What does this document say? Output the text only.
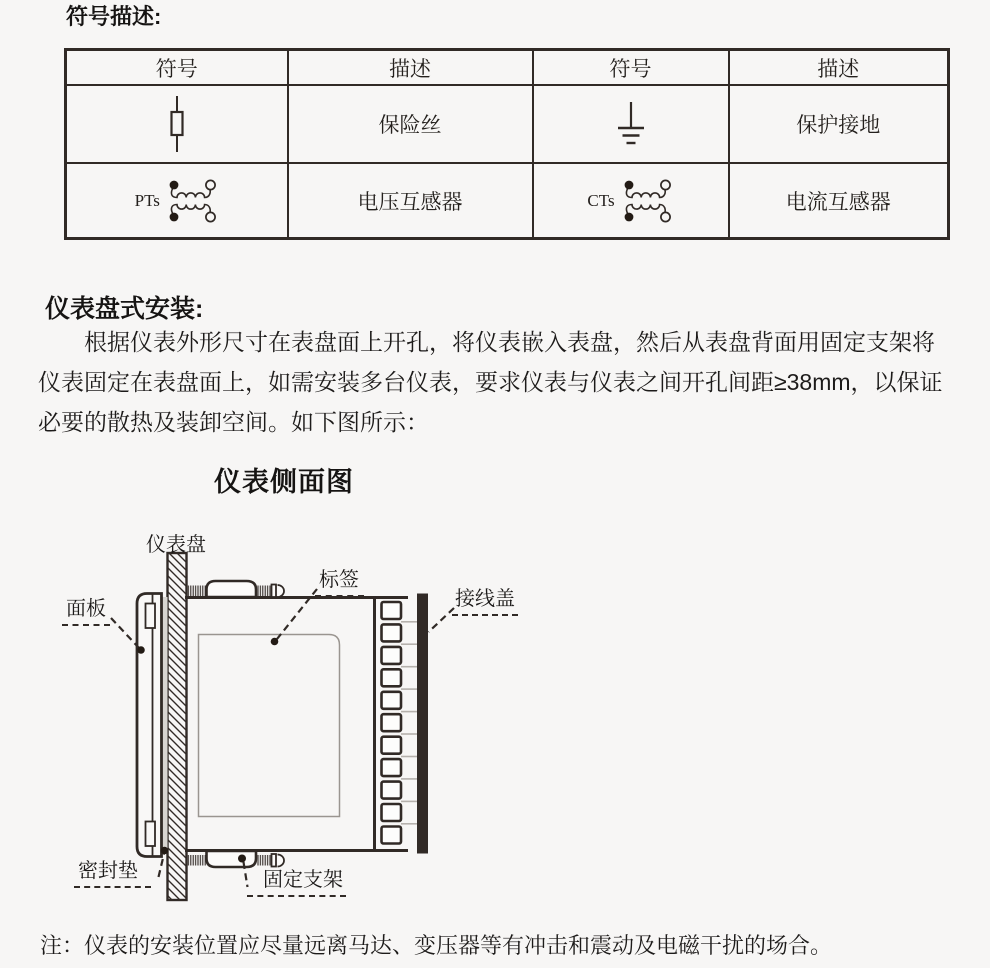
符号描述:
符号	描述	符号	描述

	保险丝		保护接地

PTs	电压互感器	CTs	电流互感器
仪表盘式安装:
根据仪表外形尺寸在表盘面上开孔，将仪表嵌入表盘，然后从表盘背面用固定支架将仪表固定在表盘面上，如需安装多台仪表，要求仪表与仪表之间开孔间距≥38mm，以保证必要的散热及装卸空间。如下图所示：
仪表侧面图
仪表盘
面板
标签
接线盖
密封垫	固定支架
注：仪表的安装位置应尽量远离马达、变压器等有冲击和震动及电磁干扰的场合。
